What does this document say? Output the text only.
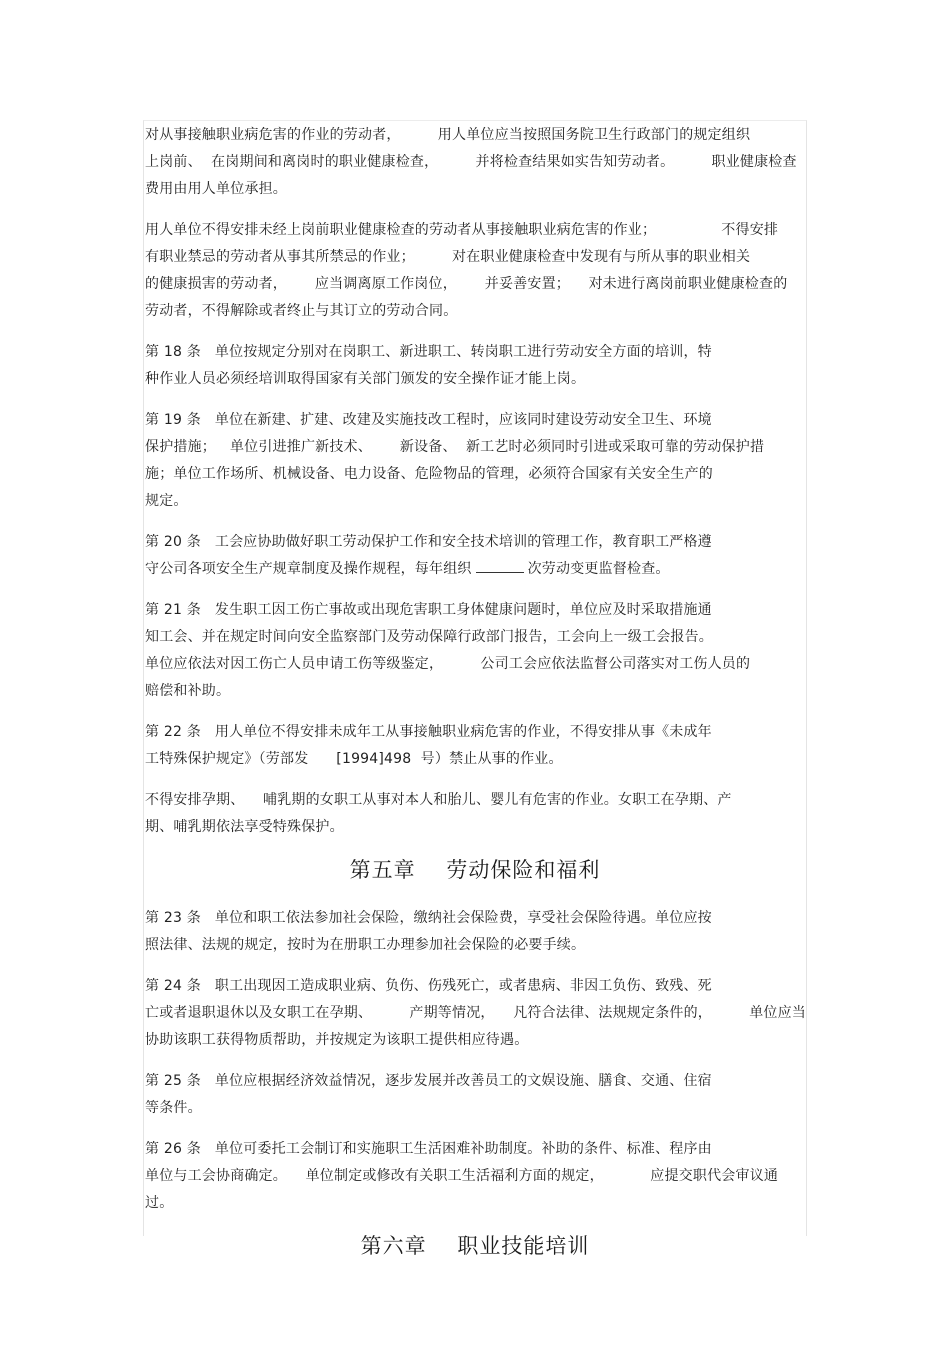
对从事接触职业病危害的作业的劳动者，        用人单位应当按照国务院卫生行政部门的规定组织
上岗前、  在岗期间和离岗时的职业健康检查，        并将检查结果如实告知劳动者。        职业健康检查
费用由用人单位承担。
用人单位不得安排未经上岗前职业健康检查的劳动者从事接触职业病危害的作业；              不得安排
有职业禁忌的劳动者从事其所禁忌的作业；        对在职业健康检查中发现有与所从事的职业相关
的健康损害的劳动者，      应当调离原工作岗位，      并妥善安置；    对未进行离岗前职业健康检查的
劳动者，不得解除或者终止与其订立的劳动合同。
第 18 条   单位按规定分别对在岗职工、新进职工、转岗职工进行劳动安全方面的培训，特
种作业人员必须经培训取得国家有关部门颁发的安全操作证才能上岗。
第 19 条   单位在新建、扩建、改建及实施技改工程时，应该同时建设劳动安全卫生、环境
保护措施；   单位引进推广新技术、      新设备、  新工艺时必须同时引进或采取可靠的劳动保护措
施；单位工作场所、机械设备、电力设备、危险物品的管理，必须符合国家有关安全生产的
规定。
第 20 条   工会应协助做好职工劳动保护工作和安全技术培训的管理工作，教育职工严格遵
守公司各项安全生产规章制度及操作规程，每年组织	次劳动变更监督检查。
第 21 条   发生职工因工伤亡事故或出现危害职工身体健康问题时，单位应及时采取措施通
知工会、并在规定时间向安全监察部门及劳动保障行政部门报告，工会向上一级工会报告。
单位应依法对因工伤亡人员申请工伤等级鉴定，        公司工会应依法监督公司落实对工伤人员的
赔偿和补助。
第 22 条   用人单位不得安排未成年工从事接触职业病危害的作业，不得安排从事《未成年
工特殊保护规定》（劳部发      [1994]498  号）禁止从事的作业。
不得安排孕期、    哺乳期的女职工从事对本人和胎儿、婴儿有危害的作业。女职工在孕期、产
期、哺乳期依法享受特殊保护。
第五章    劳动保险和福利
第 23 条   单位和职工依法参加社会保险，缴纳社会保险费，享受社会保险待遇。单位应按
照法律、法规的规定，按时为在册职工办理参加社会保险的必要手续。
第 24 条   职工出现因工造成职业病、负伤、伤残死亡，或者患病、非因工负伤、致残、死
亡或者退职退休以及女职工在孕期、        产期等情况，    凡符合法律、法规规定条件的，        单位应当
协助该职工获得物质帮助，并按规定为该职工提供相应待遇。
第 25 条   单位应根据经济效益情况，逐步发展并改善员工的文娱设施、膳食、交通、住宿
等条件。
第 26 条   单位可委托工会制订和实施职工生活困难补助制度。补助的条件、标准、程序由
单位与工会协商确定。    单位制定或修改有关职工生活福利方面的规定，          应提交职代会审议通
过。
第六章    职业技能培训
